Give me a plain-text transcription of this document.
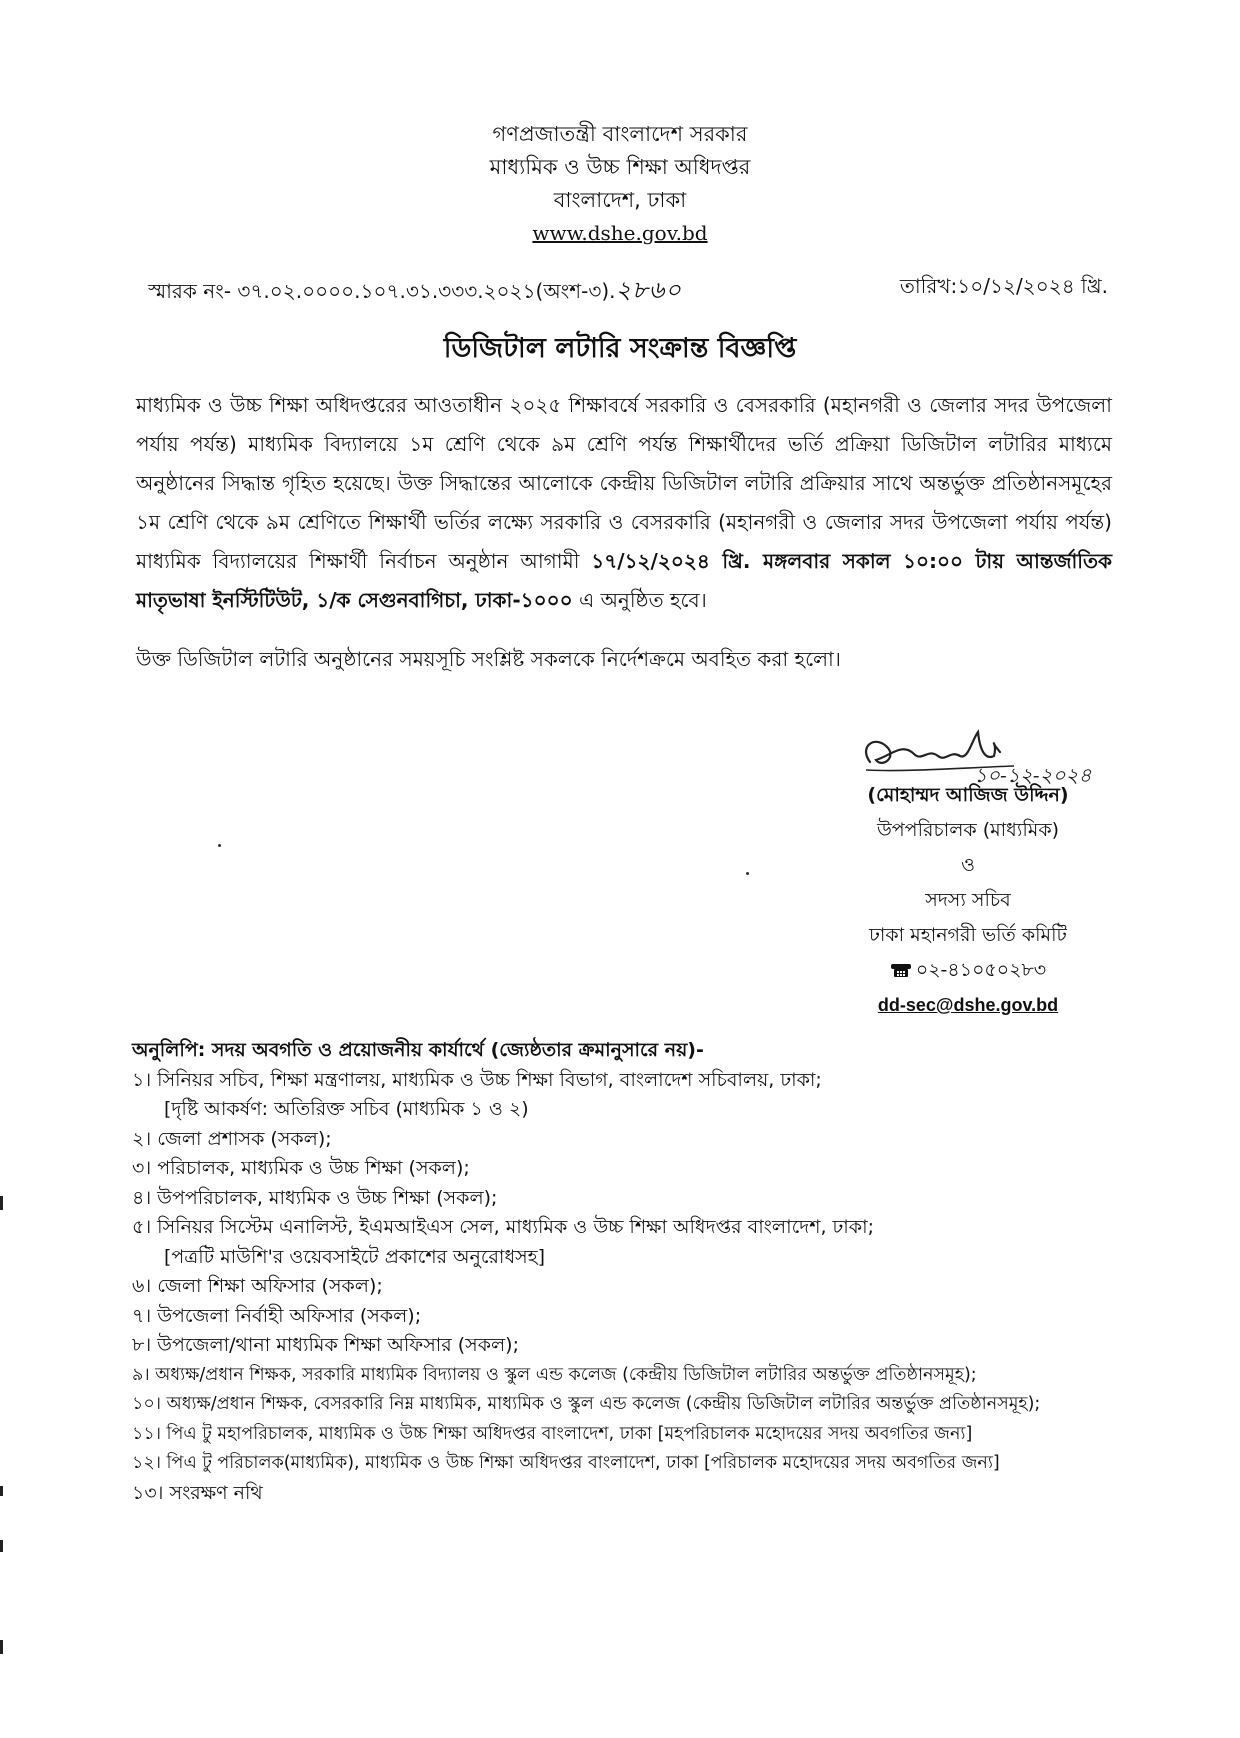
গণপ্রজাতন্ত্রী বাংলাদেশ সরকার
মাধ্যমিক ও উচ্চ শিক্ষা অধিদপ্তর
বাংলাদেশ, ঢাকা
www.dshe.gov.bd
স্মারক নং- ৩৭.০২.০০০০.১০৭.৩১.৩৩৩.২০২১(অংশ-৩).২৮৬০	তারিখ:১০/১২/২০২৪ খ্রি.
ডিজিটাল লটারি সংক্রান্ত বিজ্ঞপ্তি

মাধ্যমিক ও উচ্চ শিক্ষা অধিদপ্তরের আওতাধীন ২০২৫ শিক্ষাবর্ষে সরকারি ও বেসরকারি (মহানগরী ও জেলার সদর উপজেলা পর্যায় পর্যন্ত) মাধ্যমিক বিদ্যালয়ে ১ম শ্রেণি থেকে ৯ম শ্রেণি পর্যন্ত শিক্ষার্থীদের ভর্তি প্রক্রিয়া ডিজিটাল লটারির মাধ্যমে অনুষ্ঠানের সিদ্ধান্ত গৃহিত হয়েছে। উক্ত সিদ্ধান্তের আলোকে কেন্দ্রীয় ডিজিটাল লটারি প্রক্রিয়ার সাথে অন্তর্ভুক্ত প্রতিষ্ঠানসমূহের ১ম শ্রেণি থেকে ৯ম শ্রেণিতে শিক্ষার্থী ভর্তির লক্ষ্যে সরকারি ও বেসরকারি (মহানগরী ও জেলার সদর উপজেলা পর্যায় পর্যন্ত) মাধ্যমিক বিদ্যালয়ের শিক্ষার্থী নির্বাচন অনুষ্ঠান আগামী ১৭/১২/২০২৪ খ্রি. মঙ্গলবার সকাল ১০:০০ টায় আন্তর্জাতিক মাতৃভাষা ইনস্টিটিউট, ১/ক সেগুনবাগিচা, ঢাকা-১০০০ এ অনুষ্ঠিত হবে।

উক্ত ডিজিটাল লটারি অনুষ্ঠানের সময়সূচি সংশ্লিষ্ট সকলকে নির্দেশক্রমে অবহিত করা হলো।

১০-১২-২০২৪
(মোহাম্মদ আজিজ উদ্দিন)
উপপরিচালক (মাধ্যমিক)
ও
সদস্য সচিব
ঢাকা মহানগরী ভর্তি কমিটি
০২-৪১০৫০২৮৩
dd-sec@dshe.gov.bd
অনুলিপি: সদয় অবগতি ও প্রয়োজনীয় কার্যার্থে (জ্যেষ্ঠতার ক্রমানুসারে নয়)-
১। সিনিয়র সচিব, শিক্ষা মন্ত্রণালয়, মাধ্যমিক ও উচ্চ শিক্ষা বিভাগ, বাংলাদেশ সচিবালয়, ঢাকা;
[দৃষ্টি আকর্ষণ: অতিরিক্ত সচিব (মাধ্যমিক ১ ও ২)
২। জেলা প্রশাসক (সকল);
৩। পরিচালক, মাধ্যমিক ও উচ্চ শিক্ষা (সকল);
৪। উপপরিচালক, মাধ্যমিক ও উচ্চ শিক্ষা (সকল);
৫। সিনিয়র সিস্টেম এনালিস্ট, ইএমআইএস সেল, মাধ্যমিক ও উচ্চ শিক্ষা অধিদপ্তর বাংলাদেশ, ঢাকা;
[পত্রটি মাউশি'র ওয়েবসাইটে প্রকাশের অনুরোধসহ]
৬। জেলা শিক্ষা অফিসার (সকল);
৭। উপজেলা নির্বাহী অফিসার (সকল);
৮। উপজেলা/থানা মাধ্যমিক শিক্ষা অফিসার (সকল);
৯। অধ্যক্ষ/প্রধান শিক্ষক, সরকারি মাধ্যমিক বিদ্যালয় ও স্কুল এন্ড কলেজ (কেন্দ্রীয় ডিজিটাল লটারির অন্তর্ভুক্ত প্রতিষ্ঠানসমূহ);
১০। অধ্যক্ষ/প্রধান শিক্ষক, বেসরকারি নিম্ন মাধ্যমিক, মাধ্যমিক ও স্কুল এন্ড কলেজ (কেন্দ্রীয় ডিজিটাল লটারির অন্তর্ভুক্ত প্রতিষ্ঠানসমূহ);
১১। পিএ টু মহাপরিচালক, মাধ্যমিক ও উচ্চ শিক্ষা অধিদপ্তর বাংলাদেশ, ঢাকা [মহপরিচালক মহোদয়ের সদয় অবগতির জন্য]
১২। পিএ টু পরিচালক(মাধ্যমিক), মাধ্যমিক ও উচ্চ শিক্ষা অধিদপ্তর বাংলাদেশ, ঢাকা [পরিচালক মহোদয়ের সদয় অবগতির জন্য]
১৩। সংরক্ষণ নথি
